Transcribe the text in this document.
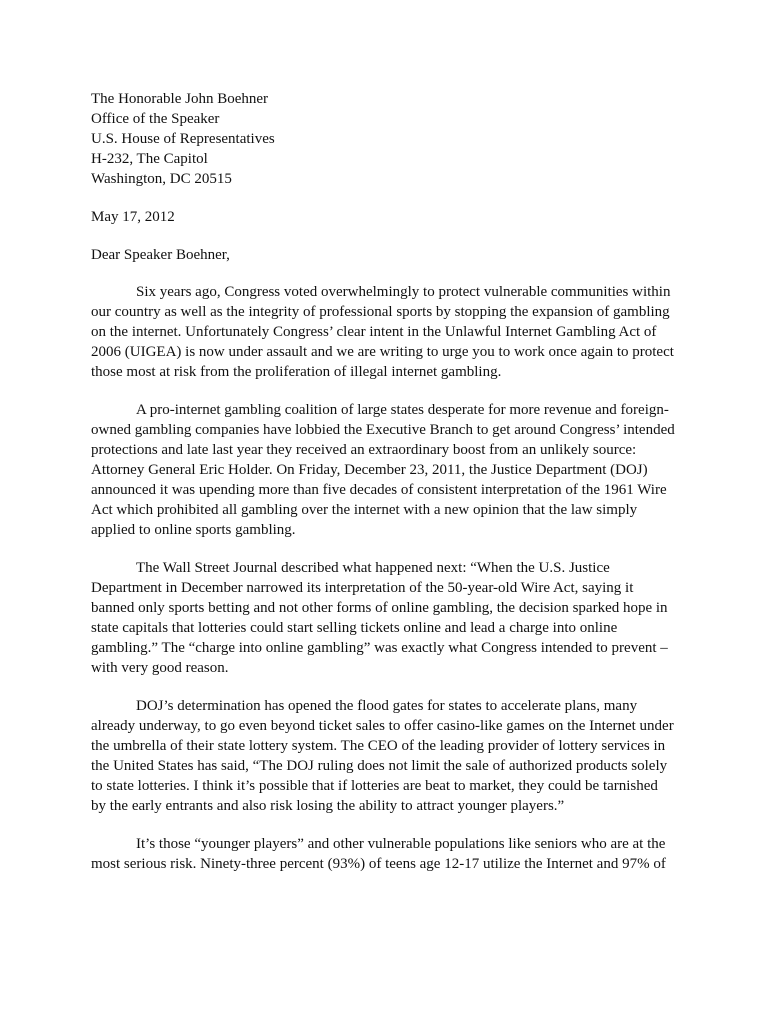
The Honorable John Boehner
Office of the Speaker
U.S. House of Representatives
H-232, The Capitol
Washington, DC 20515
May 17, 2012
Dear Speaker Boehner,
Six years ago, Congress voted overwhelmingly to protect vulnerable communities within
our country as well as the integrity of professional sports by stopping the expansion of gambling
on the internet. Unfortunately Congress’ clear intent in the Unlawful Internet Gambling Act of
2006 (UIGEA) is now under assault and we are writing to urge you to work once again to protect
those most at risk from the proliferation of illegal internet gambling.
A pro-internet gambling coalition of large states desperate for more revenue and foreign-
owned gambling companies have lobbied the Executive Branch to get around Congress’ intended
protections and late last year they received an extraordinary boost from an unlikely source:
Attorney General Eric Holder. On Friday, December 23, 2011, the Justice Department (DOJ)
announced it was upending more than five decades of consistent interpretation of the 1961 Wire
Act which prohibited all gambling over the internet with a new opinion that the law simply
applied to online sports gambling.
The Wall Street Journal described what happened next: “When the U.S. Justice
Department in December narrowed its interpretation of the 50-year-old Wire Act, saying it
banned only sports betting and not other forms of online gambling, the decision sparked hope in
state capitals that lotteries could start selling tickets online and lead a charge into online
gambling.” The “charge into online gambling” was exactly what Congress intended to prevent –
with very good reason.
DOJ’s determination has opened the flood gates for states to accelerate plans, many
already underway, to go even beyond ticket sales to offer casino-like games on the Internet under
the umbrella of their state lottery system. The CEO of the leading provider of lottery services in
the United States has said, “The DOJ ruling does not limit the sale of authorized products solely
to state lotteries. I think it’s possible that if lotteries are beat to market, they could be tarnished
by the early entrants and also risk losing the ability to attract younger players.”
It’s those “younger players” and other vulnerable populations like seniors who are at the
most serious risk. Ninety-three percent (93%) of teens age 12-17 utilize the Internet and 97% of
